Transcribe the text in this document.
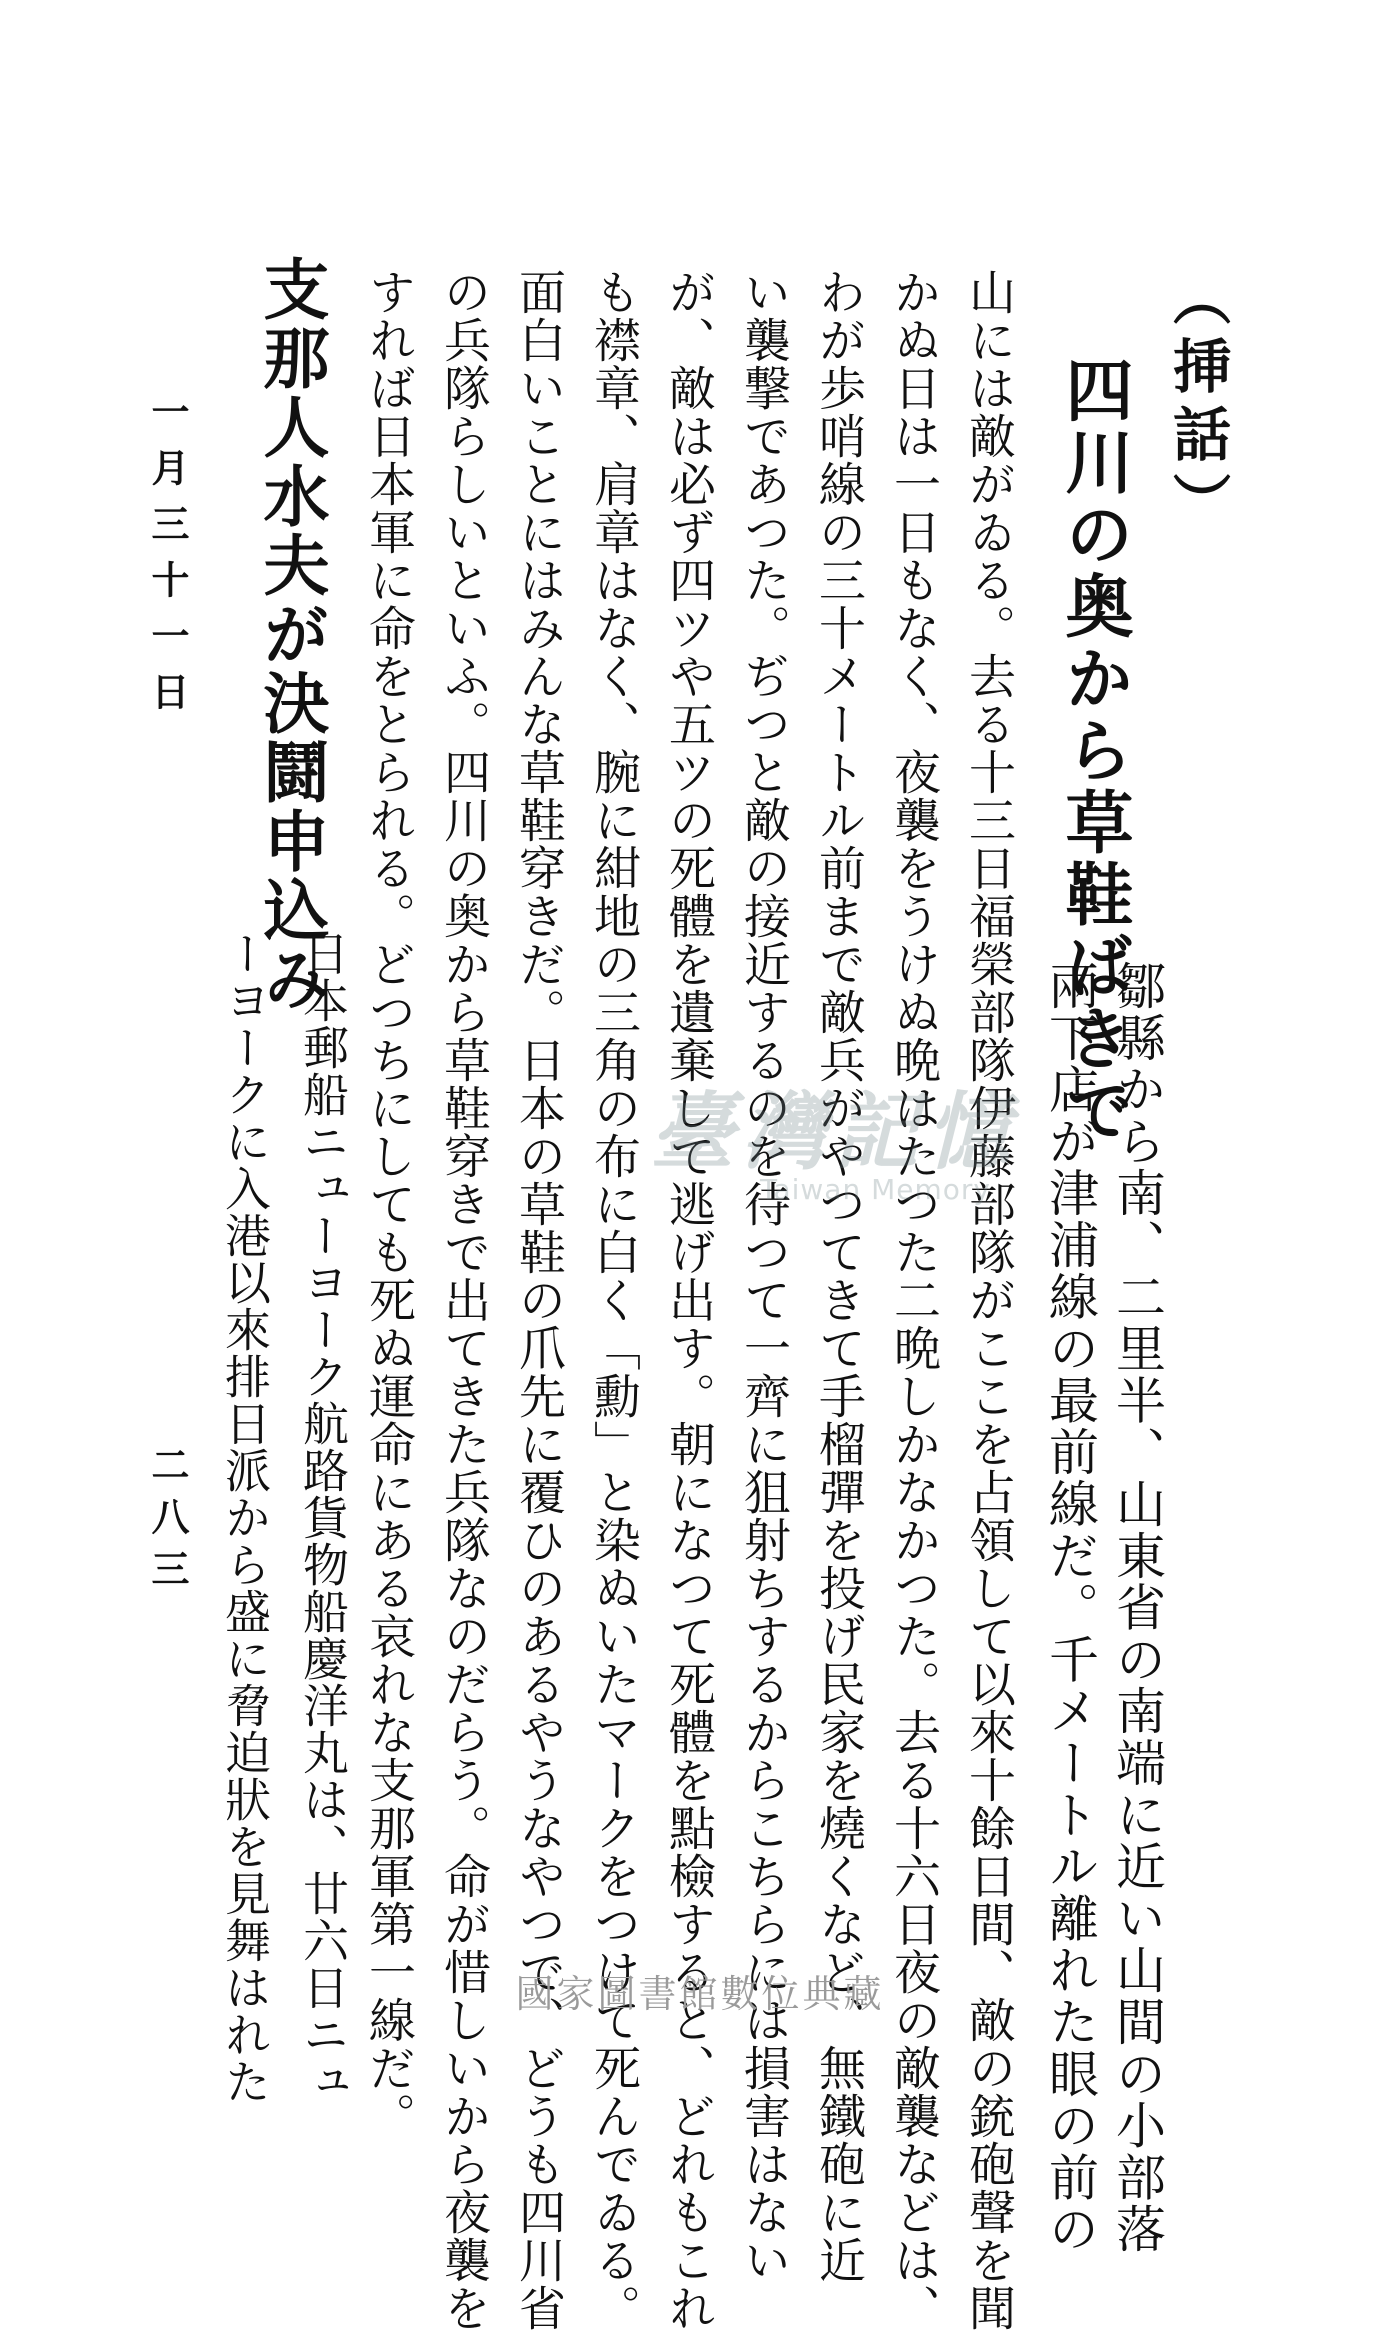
（挿話）
四川の奥から草鞋ばきで
鄒縣から南、二里半、山東省の南端に近い山間の小部落
兩下店が津浦線の最前線だ。千メートル離れた眼の前の
山には敵がゐる。去る十三日福榮部隊伊藤部隊がここを占領して以來十餘日間、敵の銃砲聲を聞
かぬ日は一日もなく、夜襲をうけぬ晩はたつた二晩しかなかつた。去る十六日夜の敵襲などは、
わが歩哨線の三十メートル前まで敵兵がやつてきて手榴彈を投げ民家を燒くなど、無鐵砲に近
い襲撃であつた。ぢつと敵の接近するのを待つて一齊に狙射ちするからこちらには損害はない
が、敵は必ず四ツや五ツの死體を遺棄して逃げ出す。朝になつて死體を點檢すると、どれもこれ
も襟章、肩章はなく、腕に紺地の三角の布に白く「勳」と染ぬいたマークをつけて死んでゐる。
面白いことにはみんな草鞋穿きだ。日本の草鞋の爪先に覆ひのあるやうなやつで、どうも四川省
の兵隊らしいといふ。四川の奥から草鞋穿きで出てきた兵隊なのだらう。命が惜しいから夜襲を
すれば日本軍に命をとられる。どつちにしても死ぬ運命にある哀れな支那軍第一線だ。
支那人水夫が決鬪申込み
日本郵船ニューヨーク航路貨物船慶洋丸は、廿六日ニュ
ーヨークに入港以來排日派から盛に脅迫狀を見舞はれた
一月三十一日
二八三
臺灣記憶
Taiwan Memory
國家圖書館數位典藏
